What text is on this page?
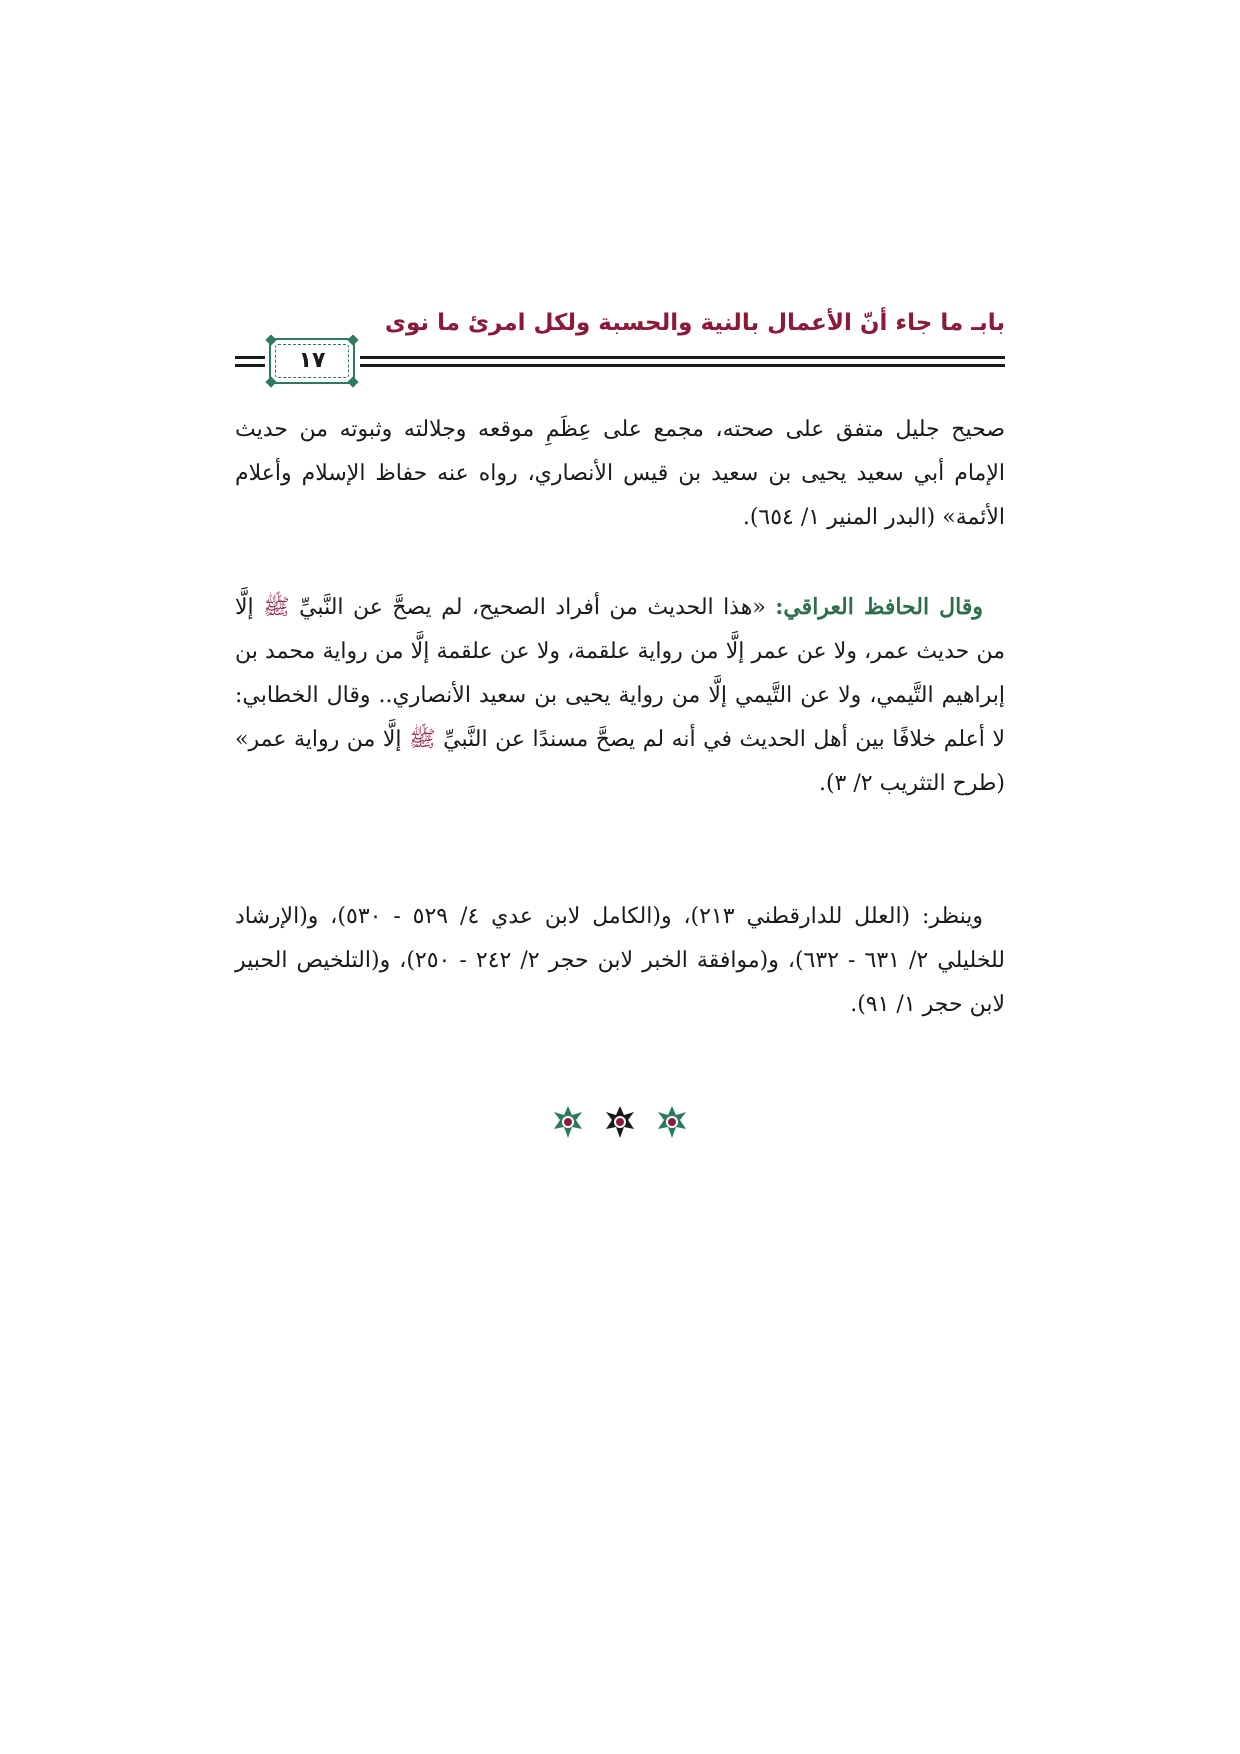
بابـ ما جاء أنّ الأعمال بالنية والحسبة ولكل امرئ ما نوى
١٧

صحيح جليل متفق على صحته، مجمع على عِظَمِ موقعه وجلالته وثبوته من حديث الإمام أبي سعيد يحيى بن سعيد بن قيس الأنصاري، رواه عنه حفاظ الإسلام وأعلام الأئمة» (البدر المنير ١/ ٦٥٤).

وقال الحافظ العراقي: «هذا الحديث من أفراد الصحيح، لم يصحَّ عن النَّبيِّ ﷺ إلَّا من حديث عمر، ولا عن عمر إلَّا من رواية علقمة، ولا عن علقمة إلَّا من رواية محمد بن إبراهيم التَّيمي، ولا عن التَّيمي إلَّا من رواية يحيى بن سعيد الأنصاري.. وقال الخطابي: لا أعلم خلافًا بين أهل الحديث في أنه لم يصحَّ مسندًا عن النَّبيِّ ﷺ إلَّا من رواية عمر» (طرح التثريب ٢/ ٣).

وينظر: (العلل للدارقطني ٢١٣)، و(الكامل لابن عدي ٤/ ٥٢٩ - ٥٣٠)، و(الإرشاد للخليلي ٢/ ٦٣١ - ٦٣٢)، و(موافقة الخبر لابن حجر ٢/ ٢٤٢ - ٢٥٠)، و(التلخيص الحبير لابن حجر ١/ ٩١).
